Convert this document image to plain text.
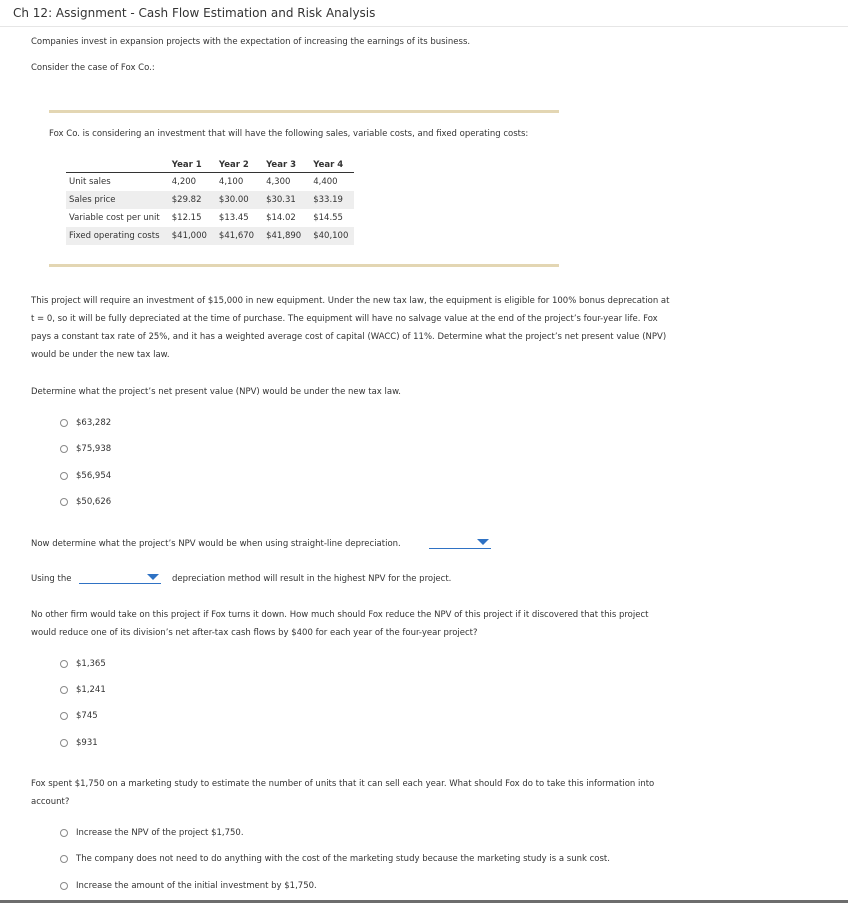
Ch 12: Assignment - Cash Flow Estimation and Risk Analysis
Companies invest in expansion projects with the expectation of increasing the earnings of its business.
Consider the case of Fox Co.:
Fox Co. is considering an investment that will have the following sales, variable costs, and fixed operating costs:
	Year 1	Year 2	Year 3	Year 4
Unit sales	4,200	4,100	4,300	4,400
Sales price	$29.82	$30.00	$30.31	$33.19
Variable cost per unit	$12.15	$13.45	$14.02	$14.55
Fixed operating costs	$41,000	$41,670	$41,890	$40,100
This project will require an investment of $15,000 in new equipment. Under the new tax law, the equipment is eligible for 100% bonus deprecation at
t = 0, so it will be fully depreciated at the time of purchase. The equipment will have no salvage value at the end of the project’s four-year life. Fox
pays a constant tax rate of 25%, and it has a weighted average cost of capital (WACC) of 11%. Determine what the project’s net present value (NPV)
would be under the new tax law.
Determine what the project’s net present value (NPV) would be under the new tax law.
$63,282
$75,938
$56,954
$50,626
Now determine what the project’s NPV would be when using straight-line depreciation.
Using the	depreciation method will result in the highest NPV for the project.
No other firm would take on this project if Fox turns it down. How much should Fox reduce the NPV of this project if it discovered that this project
would reduce one of its division’s net after-tax cash flows by $400 for each year of the four-year project?
$1,365
$1,241
$745
$931
Fox spent $1,750 on a marketing study to estimate the number of units that it can sell each year. What should Fox do to take this information into
account?
Increase the NPV of the project $1,750.
The company does not need to do anything with the cost of the marketing study because the marketing study is a sunk cost.
Increase the amount of the initial investment by $1,750.
